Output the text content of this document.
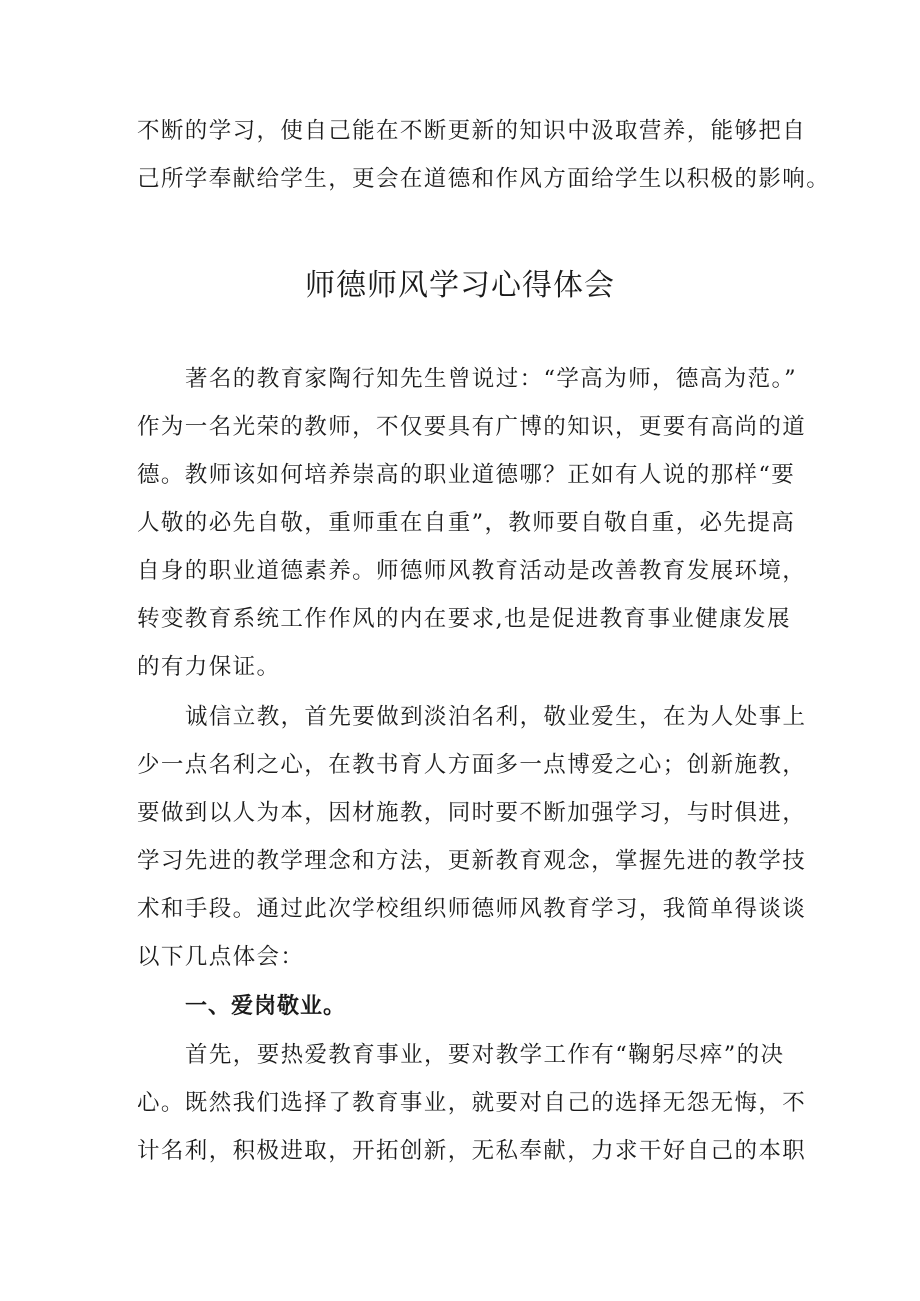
不断的学习，使自己能在不断更新的知识中汲取营养，能够把自
己所学奉献给学生，更会在道德和作风方面给学生以积极的影响。
师德师风学习心得体会
著名的教育家陶行知先生曾说过：“学高为师，德高为范。”
作为一名光荣的教师，不仅要具有广博的知识，更要有高尚的道
德。教师该如何培养崇高的职业道德哪？正如有人说的那样“要
人敬的必先自敬，重师重在自重”，教师要自敬自重，必先提高
自身的职业道德素养。师德师风教育活动是改善教育发展环境，
转变教育系统工作作风的内在要求,也是促进教育事业健康发展
的有力保证。
诚信立教，首先要做到淡泊名利，敬业爱生，在为人处事上
少一点名利之心，在教书育人方面多一点博爱之心；创新施教，
要做到以人为本，因材施教，同时要不断加强学习，与时俱进，
学习先进的教学理念和方法，更新教育观念，掌握先进的教学技
术和手段。通过此次学校组织师德师风教育学习，我简单得谈谈
以下几点体会：
一、爱岗敬业。
首先，要热爱教育事业，要对教学工作有“鞠躬尽瘁”的决
心。既然我们选择了教育事业，就要对自己的选择无怨无悔，不
计名利，积极进取，开拓创新，无私奉献，力求干好自己的本职
